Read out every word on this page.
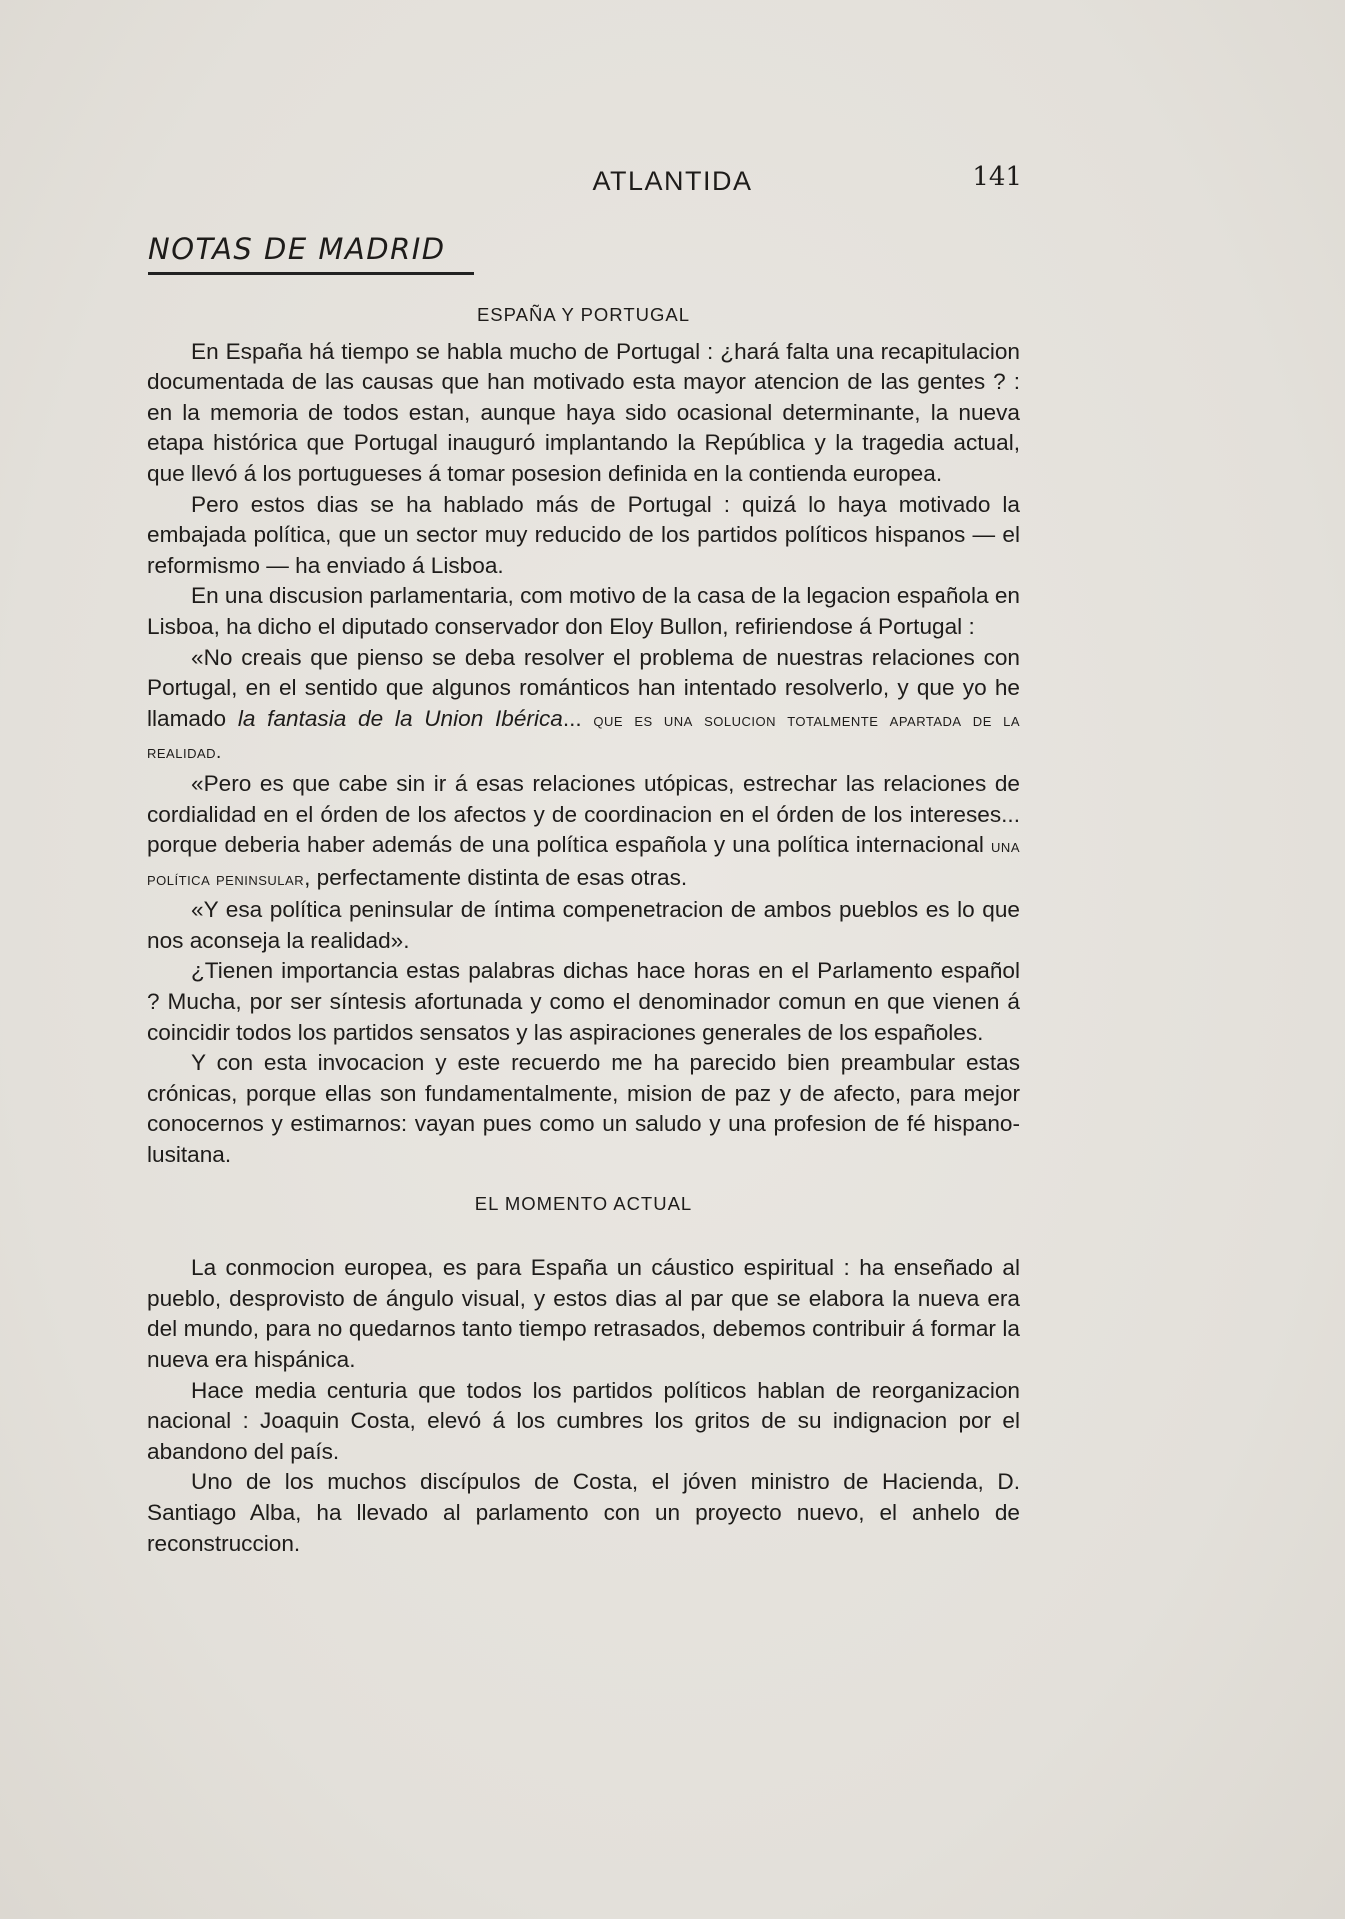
ATLANTIDA	141
NOTAS DE MADRID
ESPAÑA Y PORTUGAL

En España há tiempo se habla mucho de Portugal : ¿hará falta una recapitulacion documentada de las causas que han motivado esta mayor atencion de las gentes ? : en la memoria de todos estan, aunque haya sido ocasional determinante, la nueva etapa histórica que Portugal inauguró implantando la República y la tragedia actual, que llevó á los portugueses á tomar posesion definida en la contienda europea.

Pero estos dias se ha hablado más de Portugal : quizá lo haya motivado la embajada política, que un sector muy reducido de los partidos políticos hispanos — el reformismo — ha enviado á Lisboa.

En una discusion parlamentaria, com motivo de la casa de la legacion española en Lisboa, ha dicho el diputado conservador don Eloy Bullon, refiriendose á Portugal :

«No creais que pienso se deba resolver el problema de nuestras relaciones con Portugal, en el sentido que algunos románticos han intentado resolverlo, y que yo he llamado la fantasia de la Union Ibérica... que es una solucion totalmente apartada de la realidad.

«Pero es que cabe sin ir á esas relaciones utópicas, estrechar las relaciones de cordialidad en el órden de los afectos y de coordinacion en el órden de los intereses... porque deberia haber además de una política española y una política internacional una política peninsular, perfectamente distinta de esas otras.

«Y esa política peninsular de íntima compenetracion de ambos pueblos es lo que nos aconseja la realidad».

¿Tienen importancia estas palabras dichas hace horas en el Parlamento español ? Mucha, por ser síntesis afortunada y como el denominador comun en que vienen á coincidir todos los partidos sensatos y las aspiraciones generales de los españoles.

Y con esta invocacion y este recuerdo me ha parecido bien preambular estas crónicas, porque ellas son fundamentalmente, mision de paz y de afecto, para mejor conocernos y estimarnos: vayan pues como un saludo y una profesion de fé hispano-lusitana.

EL MOMENTO ACTUAL

La conmocion europea, es para España un cáustico espiritual : ha enseñado al pueblo, desprovisto de ángulo visual, y estos dias al par que se elabora la nueva era del mundo, para no quedarnos tanto tiempo retrasados, debemos contribuir á formar la nueva era hispánica.

Hace media centuria que todos los partidos políticos hablan de reorganizacion nacional : Joaquin Costa, elevó á los cumbres los gritos de su indignacion por el abandono del país.

Uno de los muchos discípulos de Costa, el jóven ministro de Hacienda, D. Santiago Alba, ha llevado al parlamento con un proyecto nuevo, el anhelo de reconstruccion.
